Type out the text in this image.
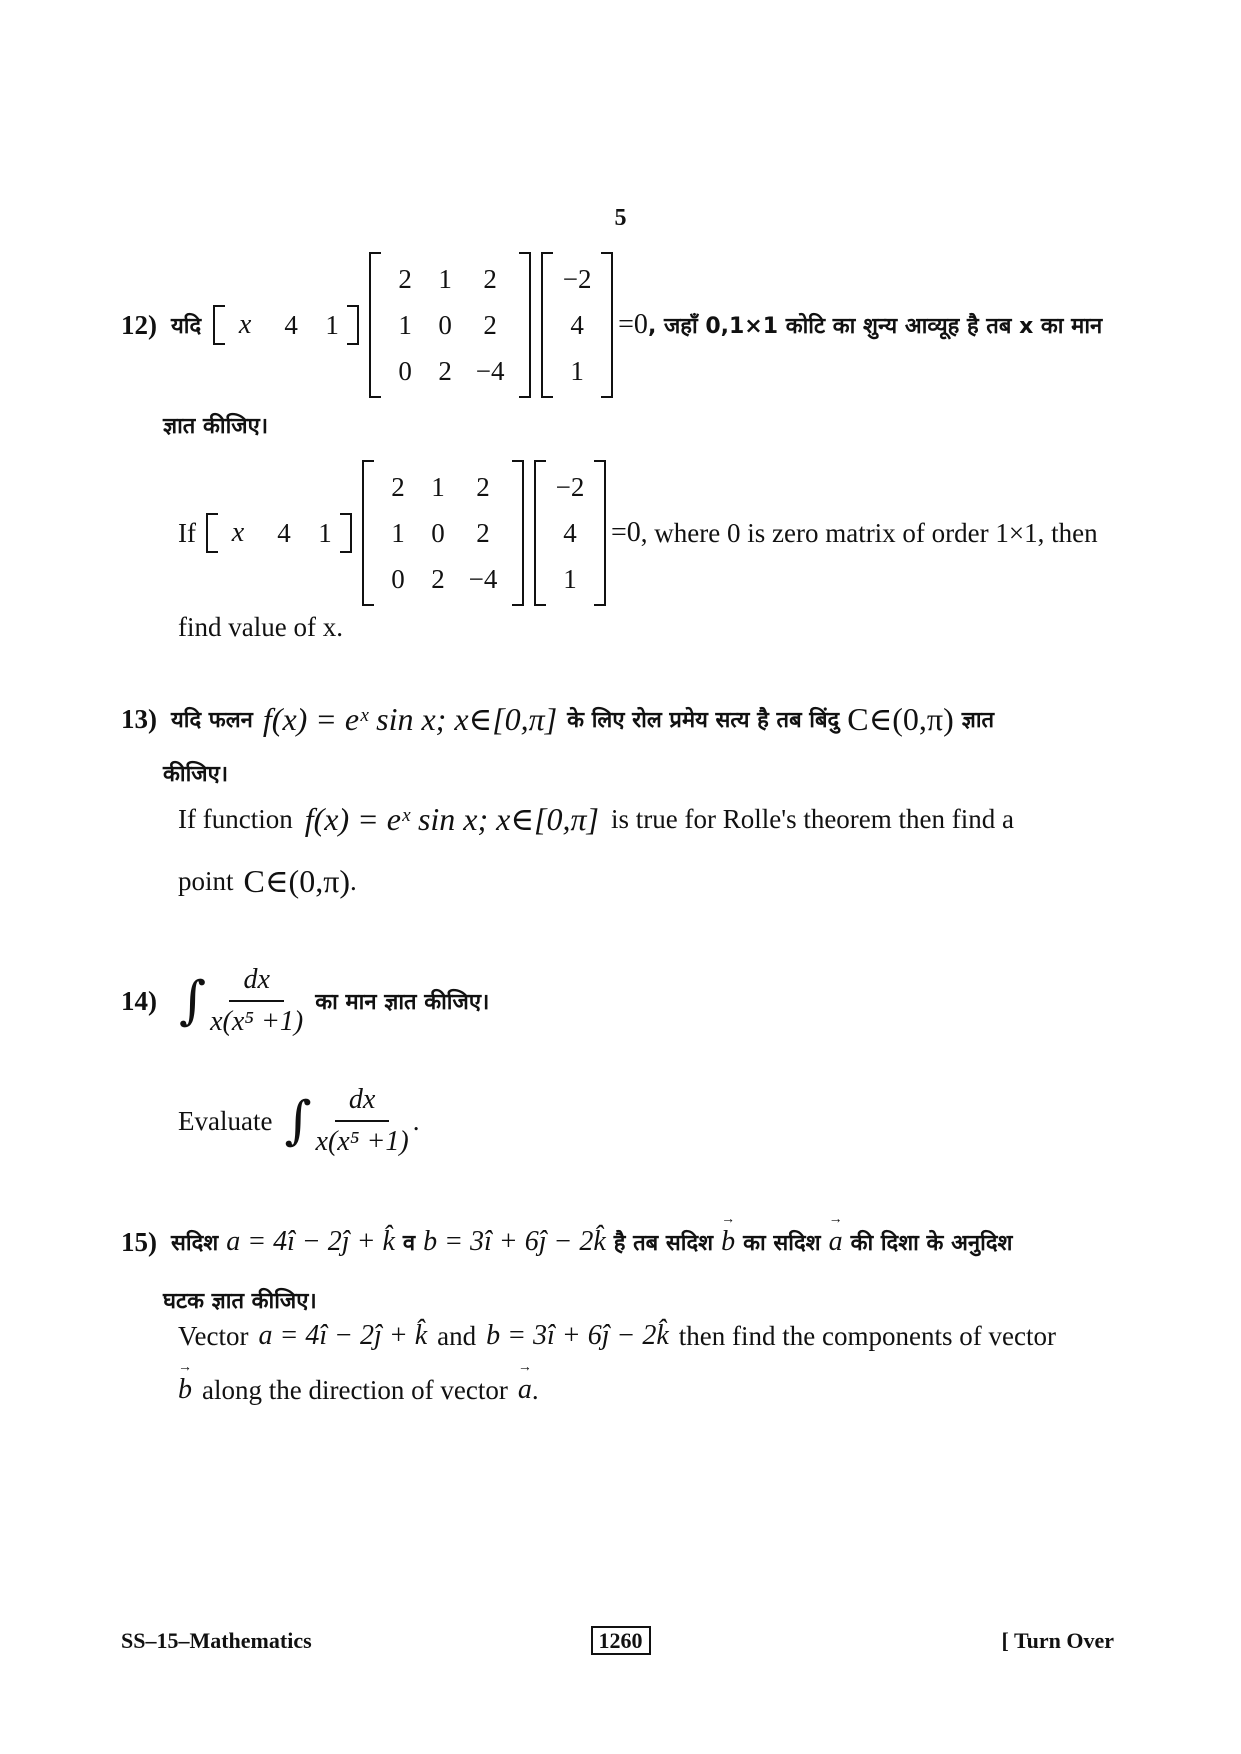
5
12) यदि	x	4	1
2 1	2
1 0	2
0 2 −4
−2
4
1
=0 , जहाँ 0,1×1 कोटि का शुन्य आव्यूह है तब x का मान
ज्ञात कीजिए।
If	x	4	1
2 1	2
1 0	2
0 2 −4
−2
4
1
=0 , where 0 is zero matrix of order 1×1, then
find value of x.
13) यदि फलन f(x) = eˣ sin x; x∈[0,π] के लिए रोल प्रमेय सत्य है तब बिंदु C∈(0,π) ज्ञात
कीजिए।
If function f(x) = eˣ sin x; x∈[0,π] is true for Rolle's theorem then find a
point C∈(0,π) .
14) ∫ $\frac{dx}{\text{x(x⁵ +1)}}$ का मान ज्ञात कीजिए।
Evaluate ∫ $\frac{dx}{\text{x(x⁵ +1)}}$ .
15) सदिश a = 4î − 2ĵ + k̂ व b = 3î + 6ĵ − 2k̂ है तब सदिश b → का सदिश a → की दिशा के अनुदिश
घटक ज्ञात कीजिए।
Vector a = 4î − 2ĵ + k̂ and b = 3î + 6ĵ − 2k̂ then find the components of vector
b → along the direction of vector a → .
SS–15–Mathematics	1260	[ Turn Over
